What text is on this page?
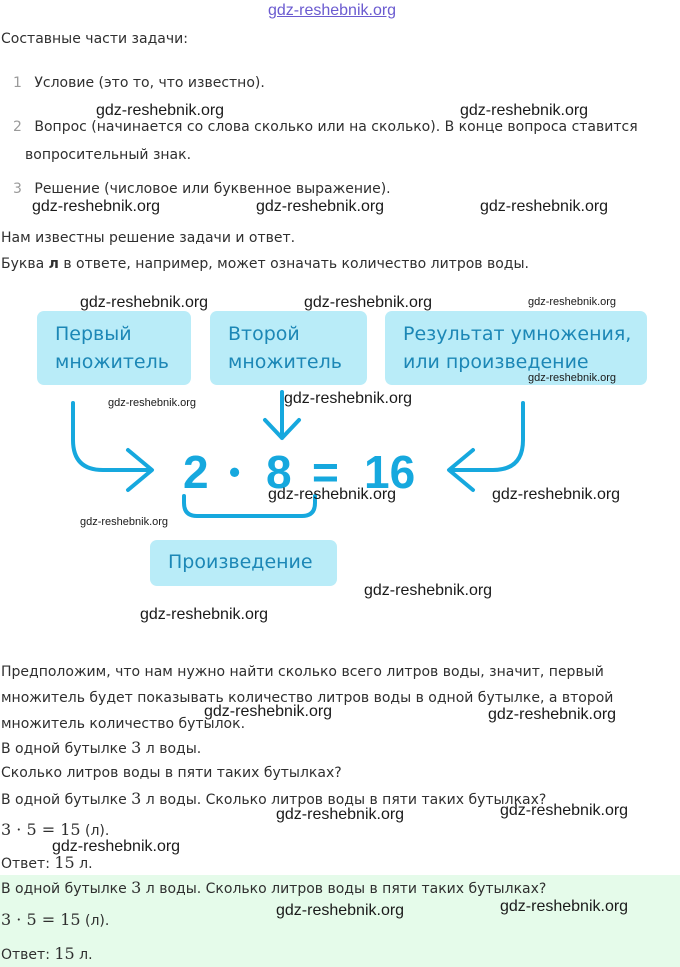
gdz-reshebnik.org
Составные части задачи:
1 Условие (это то, что известно).
2 Вопрос (начинается со слова сколько или на сколько). В конце вопроса ставится
вопросительный знак.
3 Решение (числовое или буквенное выражение).
Нам известны решение задачи и ответ.
Буква л в ответе, например, может означать количество литров воды.
Первый
множитель
Второй
множитель
Результат умножения,
или произведение
2 • 8 = 16
Произведение
Предположим, что нам нужно найти сколько всего литров воды, значит, первый
множитель будет показывать количество литров воды в одной бутылке, а второй
множитель количество бутылок.
В одной бутылке 3 л воды.
Сколько литров воды в пяти таких бутылках?
В одной бутылке 3 л воды. Сколько литров воды в пяти таких бутылках?
3 · 5 = 15 (л).
Ответ: 15 л.
В одной бутылке 3 л воды. Сколько литров воды в пяти таких бутылках?
3 · 5 = 15 (л).
Ответ: 15 л.
gdz-reshebnik.org	gdz-reshebnik.org
gdz-reshebnik.org	gdz-reshebnik.org	gdz-reshebnik.org
gdz-reshebnik.org	gdz-reshebnik.org	gdz-reshebnik.org
gdz-reshebnik.org
gdz-reshebnik.org	gdz-reshebnik.org
gdz-reshebnik.org	gdz-reshebnik.org
gdz-reshebnik.org
gdz-reshebnik.org
gdz-reshebnik.org
gdz-reshebnik.org	gdz-reshebnik.org
gdz-reshebnik.org	gdz-reshebnik.org
gdz-reshebnik.org
gdz-reshebnik.org	gdz-reshebnik.org
